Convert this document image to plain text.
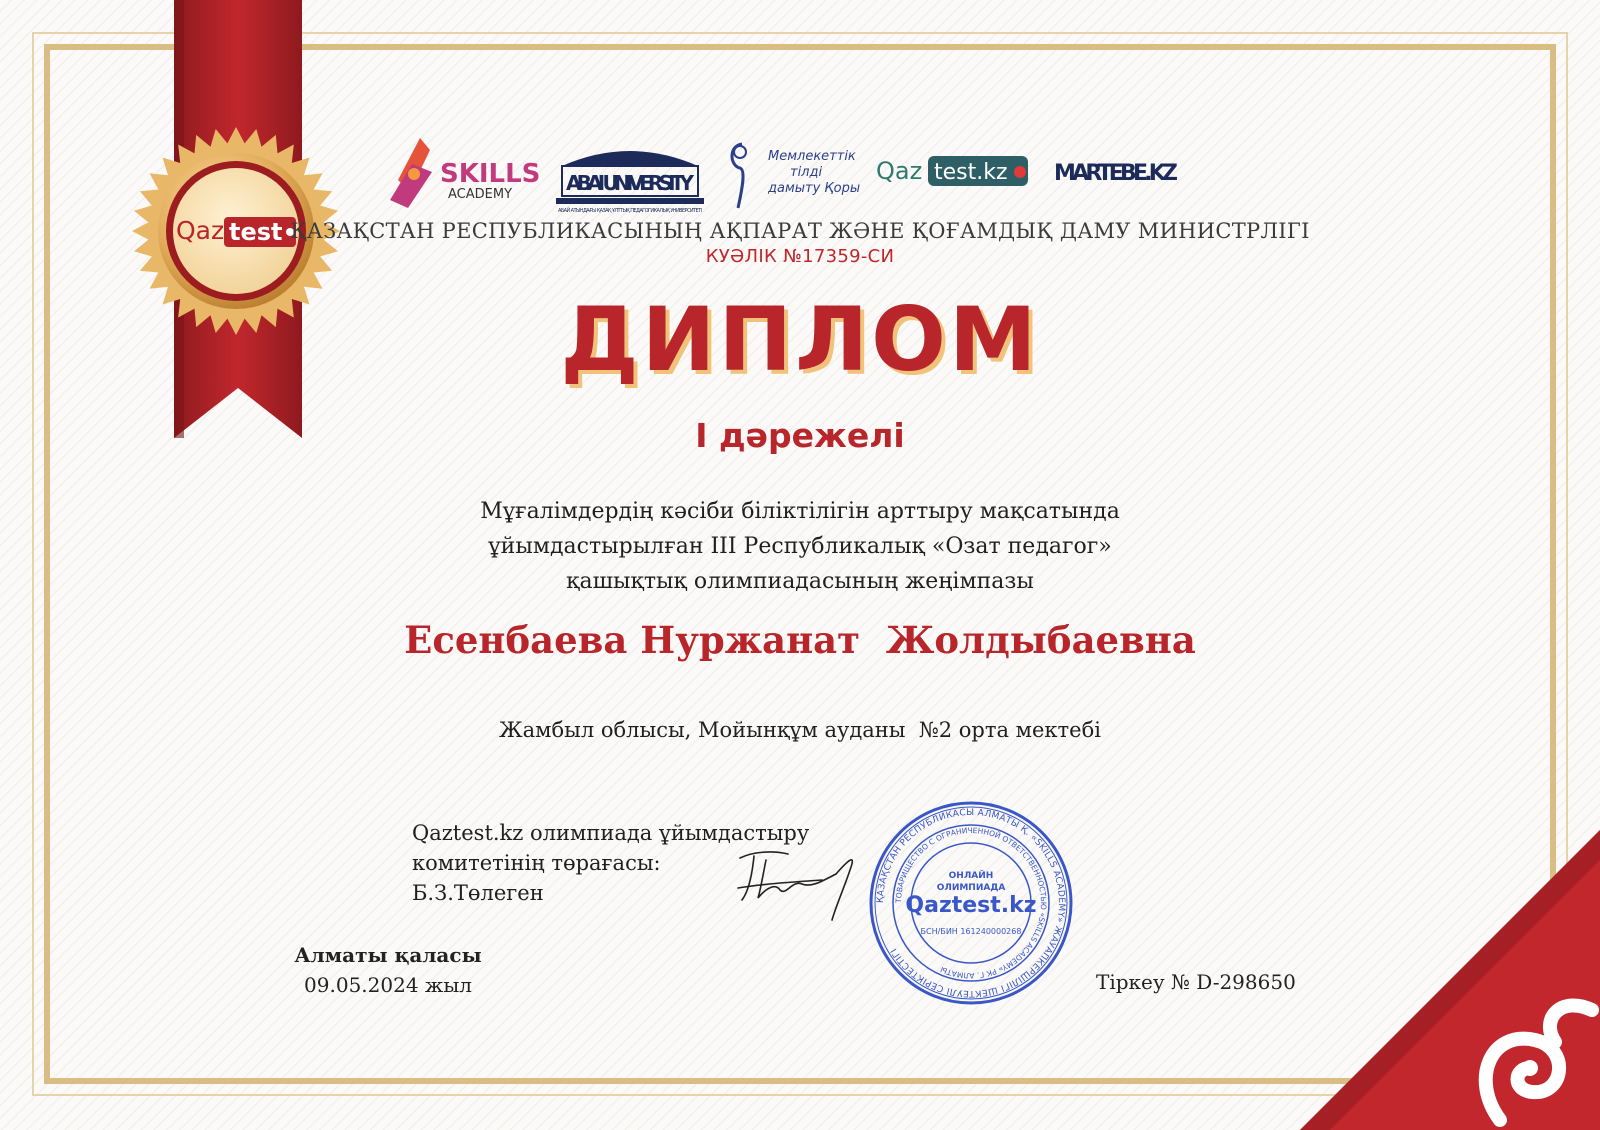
Qaz test
SKILLS
ACADEMY	ABAI UNIVERSITY
АБАЙ АТЫНДАҒЫ ҚАЗАҚ ҰЛТТЫҚ ПЕДАГОГИКАЛЫҚ УНИВЕРСИТЕТІ
Мемлекеттік
тілді
дамыту Қоры
Qaz test.kz MARTEBE.KZ
ҚАЗАҚСТАН РЕСПУБЛИКАСЫНЫҢ АҚПАРАТ ЖӘНЕ ҚОҒАМДЫҚ ДАМУ МИНИСТРЛІГІ
КУӘЛІК №17359-СИ
ДИПЛОМ
I дәрежелі
Мұғалімдердің кәсіби біліктілігін арттыру мақсатында
ұйымдастырылған III Республикалық «Озат педагог»
қашықтық олимпиадасының жеңімпазы
Есенбаева Нуржанат  Жолдыбаевна
Жамбыл облысы, Мойынқұм ауданы  №2 орта мектебі
Qaztest.kz олимпиада ұйымдастыру
комитетінің төрағасы:
Б.З.Төлеген	ҚАЗАҚСТАН РЕСПУБЛИКАСЫ АЛМАТЫ Қ. «SKILLS ACADEMY» ЖАУАПКЕРШІЛІГІ ШЕКТЕУЛІ СЕРІКТЕСТІГІ
ТОВАРИЩЕСТВО С ОГРАНИЧЕННОЙ ОТВЕТСТВЕННОСТЬЮ «SKILLS ACADEMY» РК Г. АЛМАТЫ
ОНЛАЙН
ОЛИМПИАДА
Qaztest.kz
БСН/БИН 161240000268
Алматы қаласы
09.05.2024 жыл	Тіркеу № D-298650
